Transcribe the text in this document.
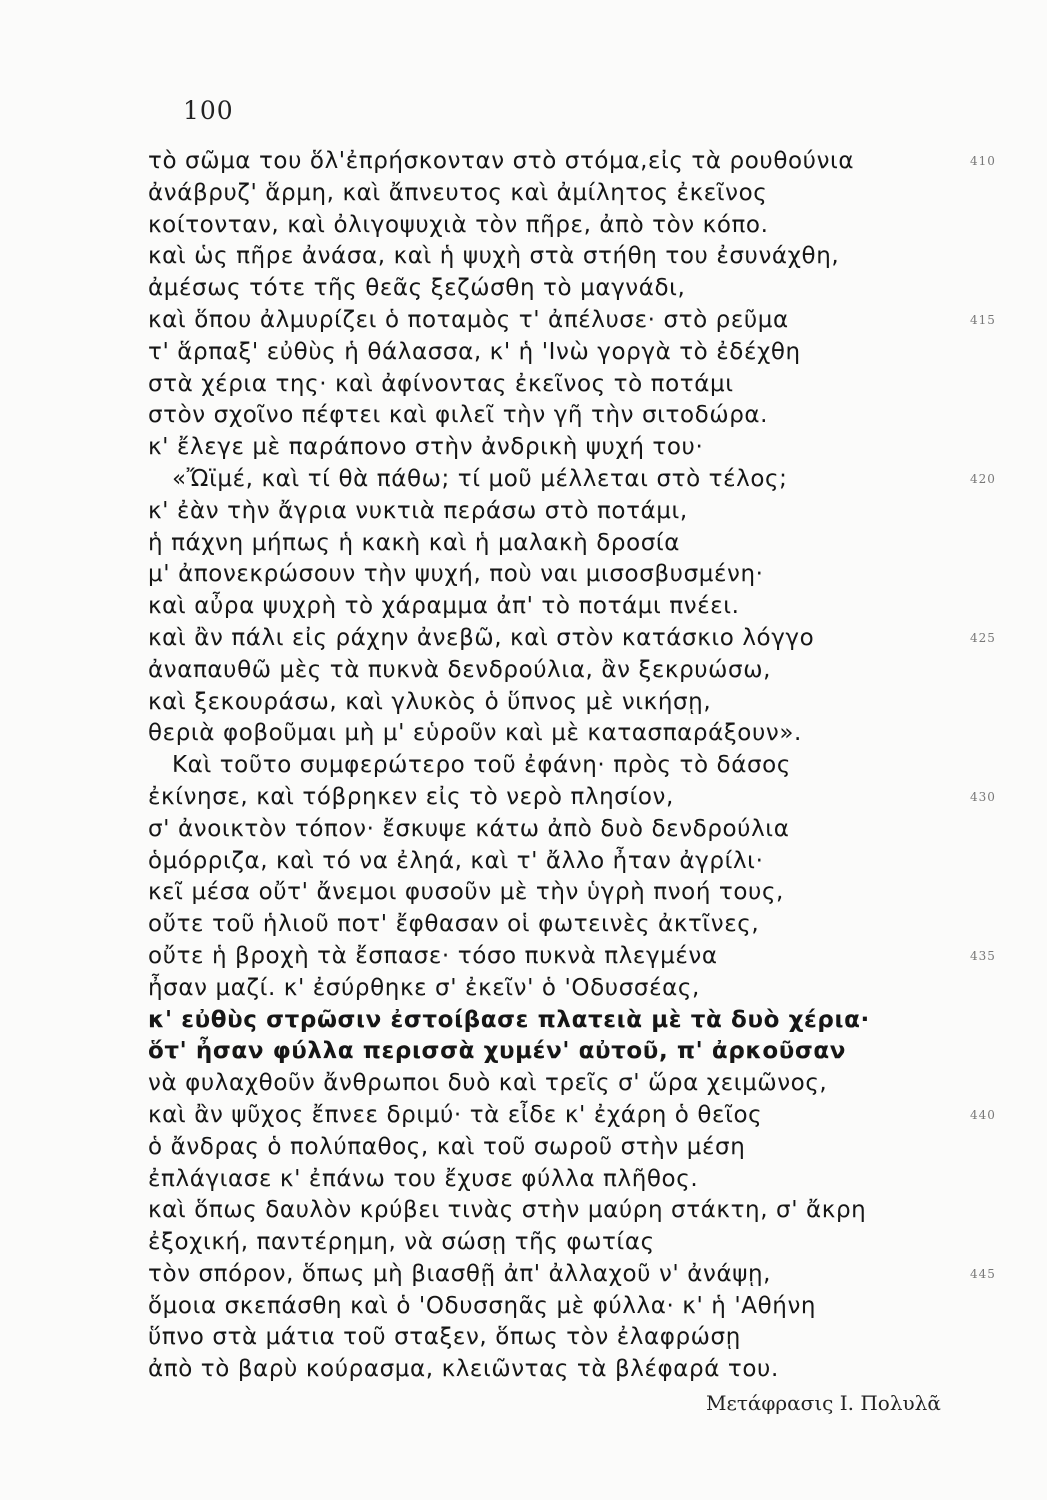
100
τὸ σῶμα του ὅλ'ἐπρήσκονταν στὸ στόμα,εἰς τὰ ρουθούνια	410
ἀνάβρυζ' ἅρμη, καὶ ἄπνευτος καὶ ἀμίλητος ἐκεῖνος
κοίτονταν, καὶ ὀλιγοψυχιὰ τὸν πῆρε, ἀπὸ τὸν κόπο.
καὶ ὡς πῆρε ἀνάσα, καὶ ἡ ψυχὴ στὰ στήθη του ἐσυνάχθη,
ἀμέσως τότε τῆς θεᾶς ξεζώσθη τὸ μαγνάδι,
καὶ ὅπου ἀλμυρίζει ὁ ποταμὸς τ' ἀπέλυσε· στὸ ρεῦμα	415
τ' ἅρπαξ' εὐθὺς ἡ θάλασσα, κ' ἡ 'Ινὼ γοργὰ τὸ ἐδέχθη
στὰ χέρια της· καὶ ἀφίνοντας ἐκεῖνος τὸ ποτάμι
στὸν σχοῖνο πέφτει καὶ φιλεῖ τὴν γῆ τὴν σιτοδώρα.
κ' ἔλεγε μὲ παράπονο στὴν ἀνδρικὴ ψυχή του·
«Ὤϊμέ, καὶ τί θὰ πάθω; τί μοῦ μέλλεται στὸ τέλος;	420
κ' ἐὰν τὴν ἄγρια νυκτιὰ περάσω στὸ ποτάμι,
ἡ πάχνη μήπως ἡ κακὴ καὶ ἡ μαλακὴ δροσία
μ' ἀπονεκρώσουν τὴν ψυχή, ποὺ ναι μισοσβυσμένη·
καὶ αὖρα ψυχρὴ τὸ χάραμμα ἀπ' τὸ ποτάμι πνέει.
καὶ ἂν πάλι εἰς ράχην ἀνεβῶ, καὶ στὸν κατάσκιο λόγγο	425
ἀναπαυθῶ μὲς τὰ πυκνὰ δενδρούλια, ἂν ξεκρυώσω,
καὶ ξεκουράσω, καὶ γλυκὸς ὁ ὕπνος μὲ νικήσῃ,
θεριὰ φοβοῦμαι μὴ μ' εὑροῦν καὶ μὲ κατασπαράξουν».
Καὶ τοῦτο συμφερώτερο τοῦ ἐφάνη· πρὸς τὸ δάσος
ἐκίνησε, καὶ τόβρηκεν εἰς τὸ νερὸ πλησίον,	430
σ' ἀνοικτὸν τόπον· ἔσκυψε κάτω ἀπὸ δυὸ δενδρούλια
ὁμόρριζα, καὶ τό να ἐληά, καὶ τ' ἄλλο ἦταν ἀγρίλι·
κεῖ μέσα οὔτ' ἄνεμοι φυσοῦν μὲ τὴν ὑγρὴ πνοή τους,
οὔτε τοῦ ἡλιοῦ ποτ' ἔφθασαν οἱ φωτεινὲς ἀκτῖνες,
οὔτε ἡ βροχὴ τὰ ἔσπασε· τόσο πυκνὰ πλεγμένα	435
ἦσαν μαζί. κ' ἐσύρθηκε σ' ἐκεῖν' ὁ 'Οδυσσέας,
κ' εὐθὺς στρῶσιν ἐστοίβασε πλατειὰ μὲ τὰ δυὸ χέρια·
ὅτ' ἦσαν φύλλα περισσὰ χυμέν' αὐτοῦ, π' ἀρκοῦσαν
νὰ φυλαχθοῦν ἄνθρωποι δυὸ καὶ τρεῖς σ' ὥρα χειμῶνος,
καὶ ἂν ψῦχος ἔπνεε δριμύ· τὰ εἶδε κ' ἐχάρη ὁ θεῖος	440
ὁ ἄνδρας ὁ πολύπαθος, καὶ τοῦ σωροῦ στὴν μέση
ἐπλάγιασε κ' ἐπάνω του ἔχυσε φύλλα πλῆθος.
καὶ ὅπως δαυλὸν κρύβει τινὰς στὴν μαύρη στάκτη, σ' ἄκρη
ἐξοχική, παντέρημη, νὰ σώσῃ τῆς φωτίας
τὸν σπόρον, ὅπως μὴ βιασθῇ ἀπ' ἀλλαχοῦ ν' ἀνάψῃ,	445
ὅμοια σκεπάσθη καὶ ὁ 'Οδυσσηᾶς μὲ φύλλα· κ' ἡ 'Αθήνη
ὕπνο στὰ μάτια τοῦ σταξεν, ὅπως τὸν ἐλαφρώσῃ
ἀπὸ τὸ βαρὺ κούρασμα, κλειῶντας τὰ βλέφαρά του.
Μετάφρασις Ι. Πολυλᾶ
